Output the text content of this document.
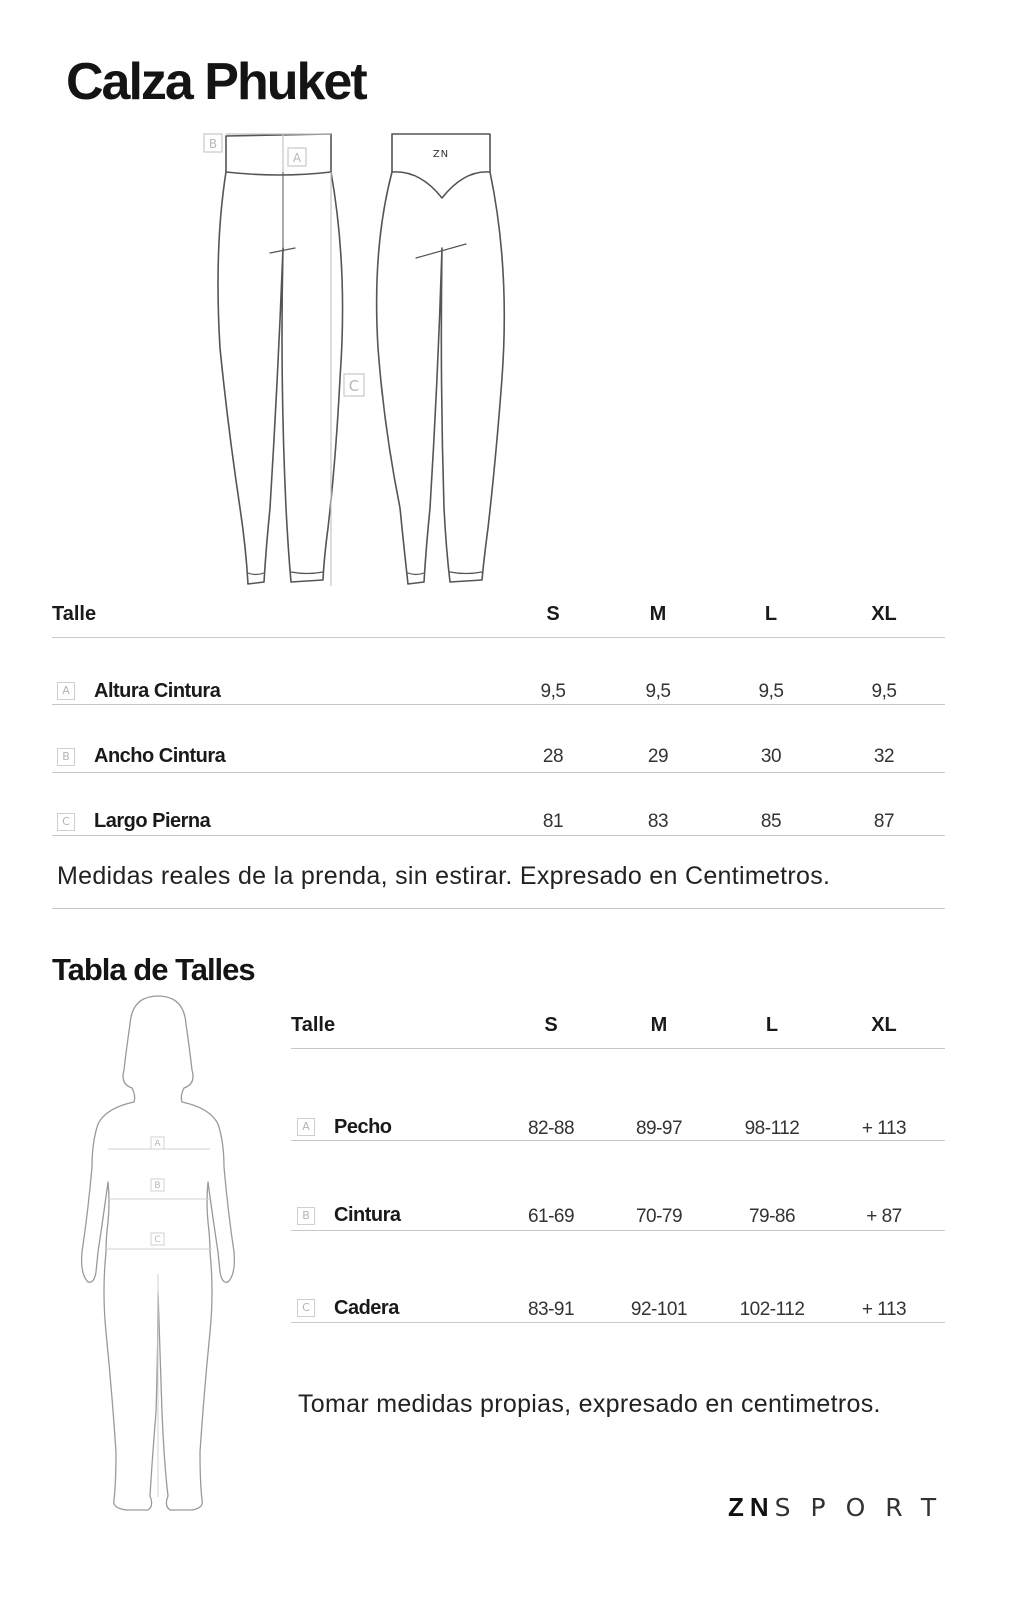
Calza Phuket
B
A
C
ZN
Talle	S	M	L	XL
A Altura Cintura	9,5	9,5	9,5	9,5
B Ancho Cintura	28	29	30	32
C Largo Pierna	81	83	85	87
Medidas reales de la prenda, sin estirar. Expresado en Centimetros.
Tabla de Talles
A
B
C
Talle	S	M	L	XL
A Pecho	82-88	89-97	98-112	+ 113
B Cintura	61-69	70-79	79-86	+ 87
C Cadera	83-91	92-101	102-112	+ 113
Tomar medidas propias, expresado en centimetros.
ZNSPORT
